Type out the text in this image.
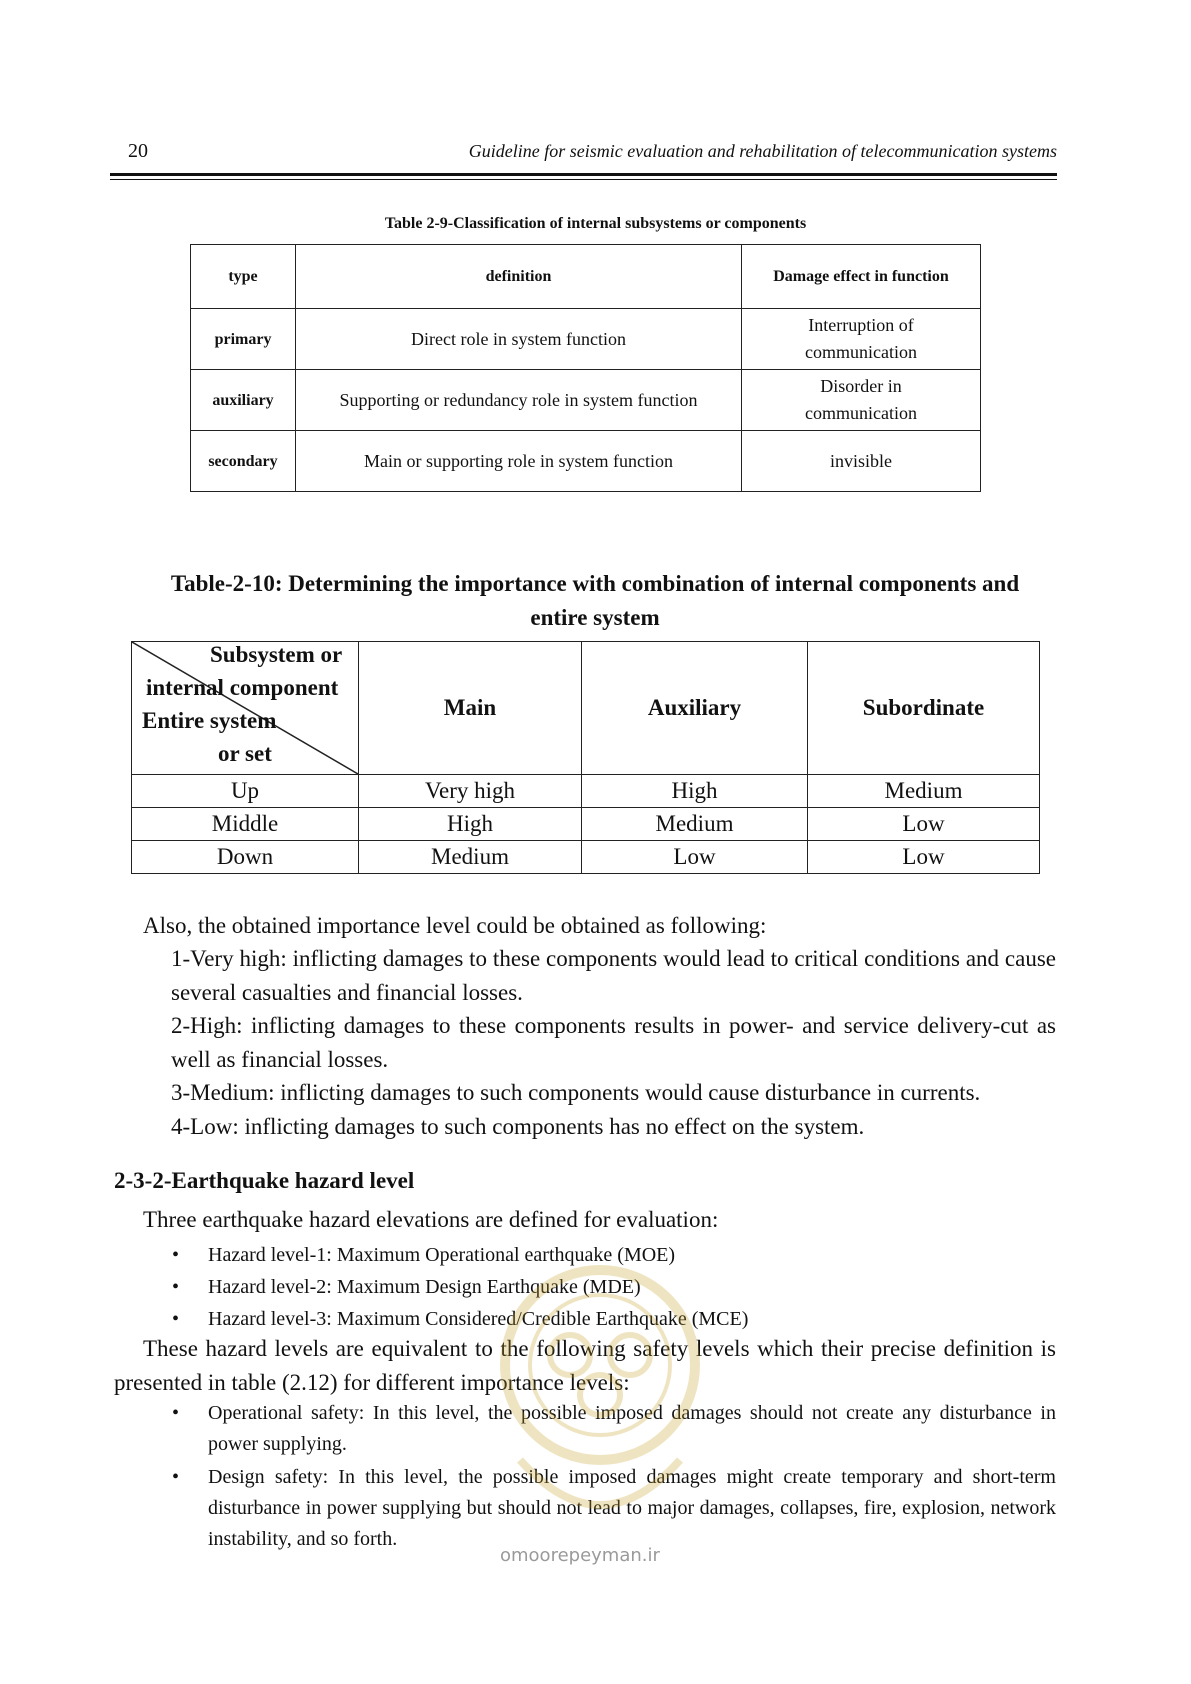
20	Guideline for seismic evaluation and rehabilitation of telecommunication systems
Table 2-9-Classification of internal subsystems or components
type	definition	Damage effect in function
primary	Direct role in system function	Interruption of
communication
auxiliary	Supporting or redundancy role in system function	Disorder in
communication
secondary	Main or supporting role in system function	invisible
Table-2-10: Determining the importance with combination of internal components and
entire system
Subsystem or
internal component
Entire system
or set	Main	Auxiliary	Subordinate
Up	Very high	High	Medium
Middle	High	Medium	Low
Down	Medium	Low	Low
Also, the obtained importance level could be obtained as following:
1-Very high: inflicting damages to these components would lead to critical conditions and cause several casualties and financial losses.
2-High: inflicting damages to these components results in power- and service delivery-cut as well as financial losses.
3-Medium: inflicting damages to such components would cause disturbance in currents.
4-Low: inflicting damages to such components has no effect on the system.
2-3-2-Earthquake hazard level
Three earthquake hazard elevations are defined for evaluation:
• Hazard level-1: Maximum Operational earthquake (MOE)
• Hazard level-2: Maximum Design Earthquake (MDE)
• Hazard level-3: Maximum Considered/Credible Earthquake (MCE)
These hazard levels are equivalent to the following safety levels which their precise definition is presented in table (2.12) for different importance levels:
• Operational safety: In this level, the possible imposed damages should not create any disturbance in power supplying.
• Design safety: In this level, the possible imposed damages might create temporary and short-term disturbance in power supplying but should not lead to major damages, collapses, fire, explosion, network instability, and so forth.
omoorepeyman.ir
